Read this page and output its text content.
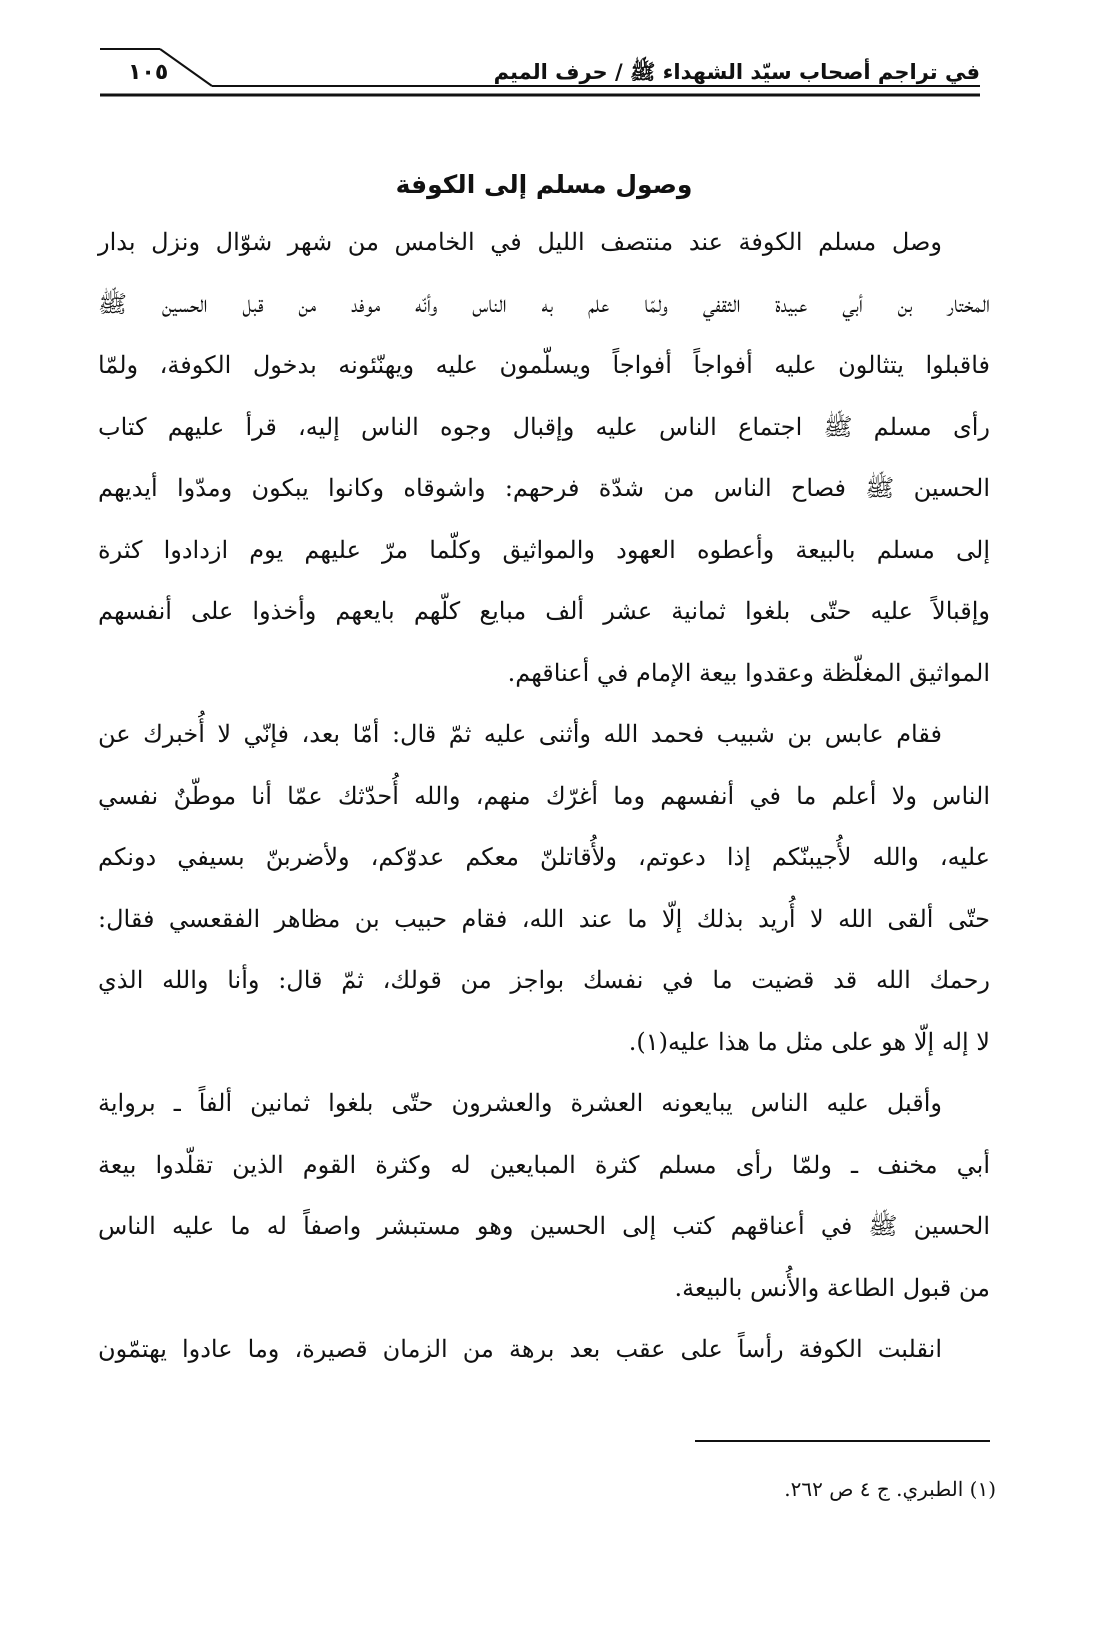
في تراجم أصحاب سيّد الشهداء ﷺ / حرف الميم
١٠٥
وصول مسلم إلى الكوفة

وصل مسلم الكوفة عند منتصف الليل في الخامس من شهر شوّال ونزل بدار
المختار بن أبي عبيدة الثقفي ولمّا علم به الناس وأنّه موفد من قبل الحسين ﷺ
فاقبلوا يتثالون عليه أفواجاً أفواجاً ويسلّمون عليه ويهنّئونه بدخول الكوفة، ولمّا
رأى مسلم ﷺ اجتماع الناس عليه وإقبال وجوه الناس إليه، قرأ عليهم كتاب
الحسين ﷺ فصاح الناس من شدّة فرحهم: واشوقاه وكانوا يبكون ومدّوا أيديهم
إلى مسلم بالبيعة وأعطوه العهود والمواثيق وكلّما مرّ عليهم يوم ازدادوا كثرة
وإقبالاً عليه حتّى بلغوا ثمانية عشر ألف مبايع كلّهم بايعهم وأخذوا على أنفسهم
المواثيق المغلّظة وعقدوا بيعة الإمام في أعناقهم.

فقام عابس بن شبيب فحمد الله وأثنى عليه ثمّ قال: أمّا بعد، فإنّي لا أُخبرك عن
الناس ولا أعلم ما في أنفسهم وما أغرّك منهم، والله أُحدّثك عمّا أنا موطّنٌ نفسي
عليه، والله لأُجيبنّكم إذا دعوتم، ولأُقاتلنّ معكم عدوّكم، ولأضربنّ بسيفي دونكم
حتّى ألقى الله لا أُريد بذلك إلّا ما عند الله، فقام حبيب بن مظاهر الفقعسي فقال:
رحمك الله قد قضيت ما في نفسك بواجز من قولك، ثمّ قال: وأنا والله الذي
لا إله إلّا هو على مثل ما هذا عليه(١).

وأقبل عليه الناس يبايعونه العشرة والعشرون حتّى بلغوا ثمانين ألفاً ـ برواية
أبي مخنف ـ ولمّا رأى مسلم كثرة المبايعين له وكثرة القوم الذين تقلّدوا بيعة
الحسين ﷺ في أعناقهم كتب إلى الحسين وهو مستبشر واصفاً له ما عليه الناس
من قبول الطاعة والأُنس بالبيعة.

انقلبت الكوفة رأساً على عقب بعد برهة من الزمان قصيرة، وما عادوا يهتمّون

(١) الطبري. ج ٤ ص ٢٦٢.
